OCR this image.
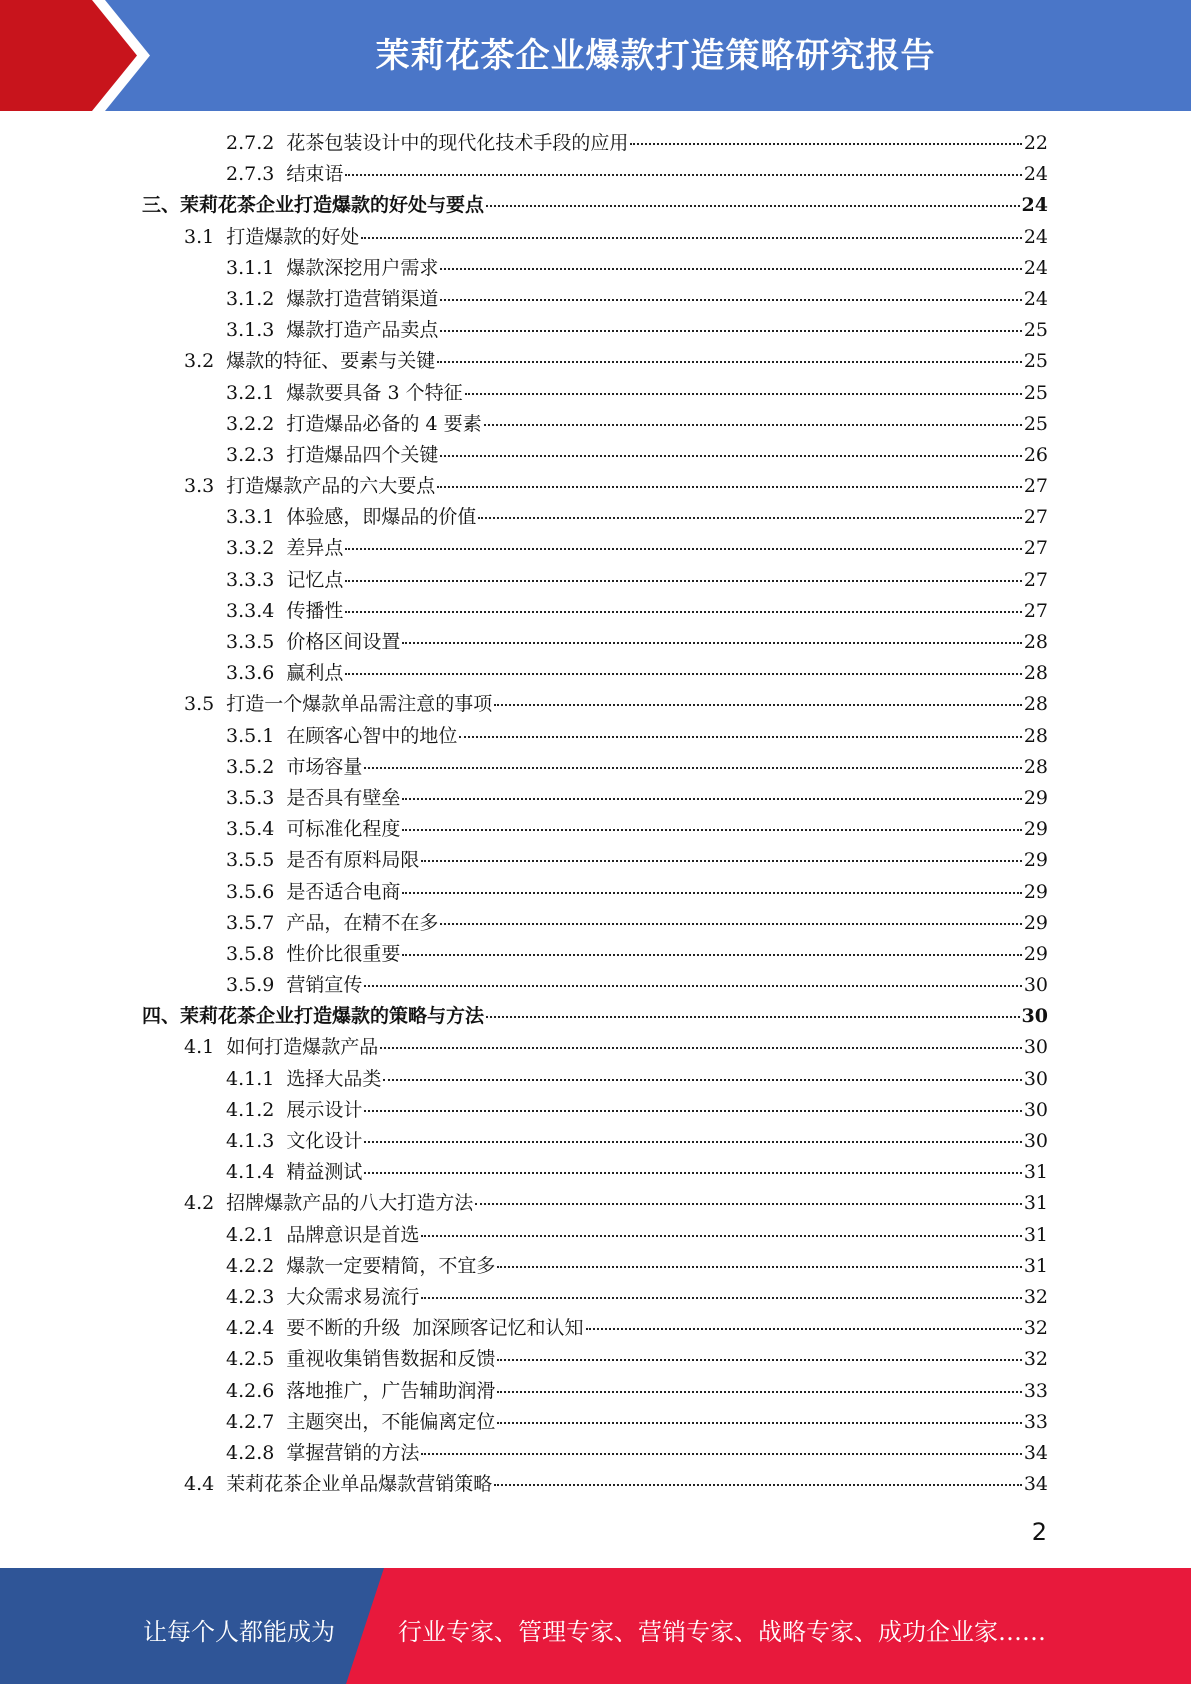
茉莉花茶企业爆款打造策略研究报告
2.7.2  花茶包装设计中的现代化技术手段的应用	22
2.7.3  结束语	24
三、茉莉花茶企业打造爆款的好处与要点	24
3.1  打造爆款的好处	24
3.1.1  爆款深挖用户需求	24
3.1.2  爆款打造营销渠道	24
3.1.3  爆款打造产品卖点	25
3.2  爆款的特征、要素与关键	25
3.2.1  爆款要具备 3 个特征	25
3.2.2  打造爆品必备的 4 要素	25
3.2.3  打造爆品四个关键	26
3.3  打造爆款产品的六大要点	27
3.3.1  体验感，即爆品的价值	27
3.3.2  差异点	27
3.3.3  记忆点	27
3.3.4  传播性	27
3.3.5  价格区间设置	28
3.3.6  赢利点	28
3.5  打造一个爆款单品需注意的事项	28
3.5.1  在顾客心智中的地位	28
3.5.2  市场容量	28
3.5.3  是否具有壁垒	29
3.5.4  可标准化程度	29
3.5.5  是否有原料局限	29
3.5.6  是否适合电商	29
3.5.7  产品，在精不在多	29
3.5.8  性价比很重要	29
3.5.9  营销宣传	30
四、茉莉花茶企业打造爆款的策略与方法	30
4.1  如何打造爆款产品	30
4.1.1  选择大品类	30
4.1.2  展示设计	30
4.1.3  文化设计	30
4.1.4  精益测试	31
4.2  招牌爆款产品的八大打造方法	31
4.2.1  品牌意识是首选	31
4.2.2  爆款一定要精简，不宜多	31
4.2.3  大众需求易流行	32
4.2.4  要不断的升级  加深顾客记忆和认知	32
4.2.5  重视收集销售数据和反馈	32
4.2.6  落地推广，广告辅助润滑	33
4.2.7  主题突出，不能偏离定位	33
4.2.8  掌握营销的方法	34
4.4  茉莉花茶企业单品爆款营销策略	34
2
让每个人都能成为	行业专家、管理专家、营销专家、战略专家、成功企业家……
